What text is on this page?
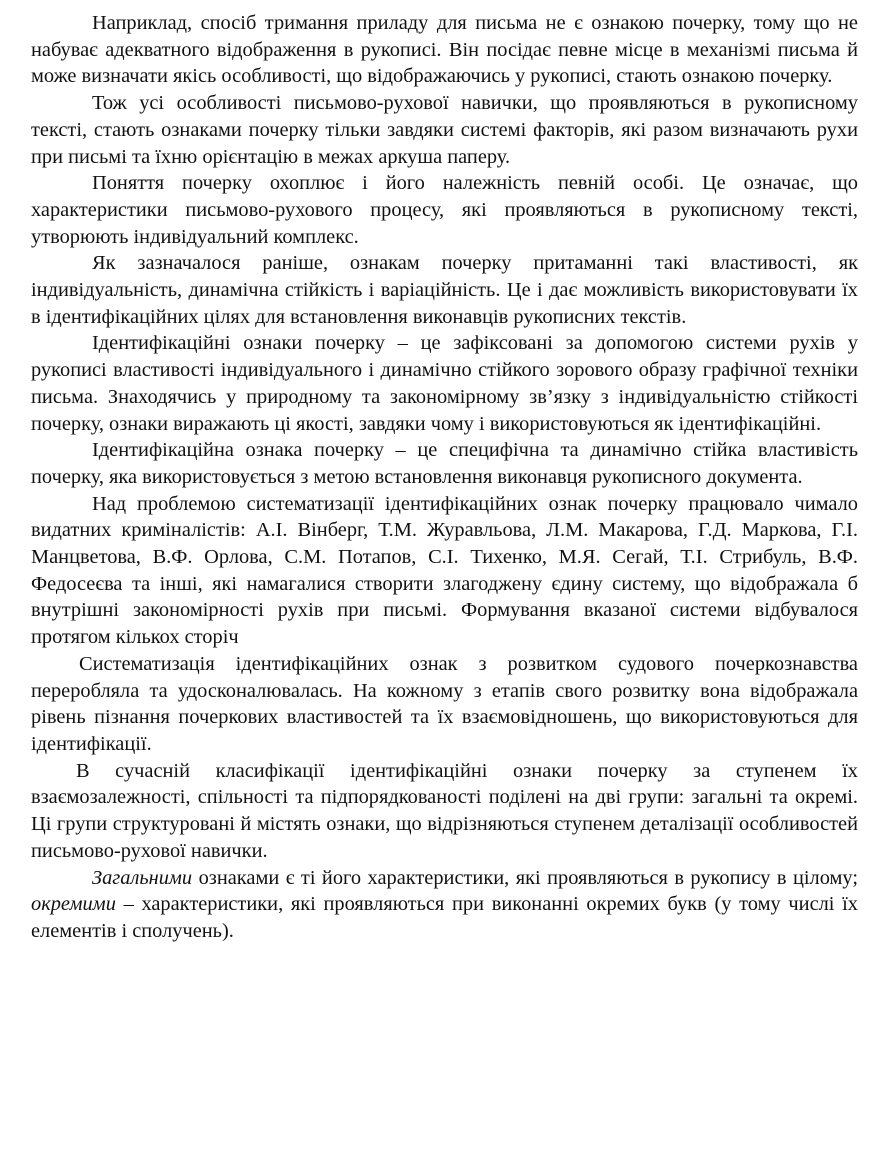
Наприклад, спосіб тримання приладу для письма не є ознакою почерку, тому що не набуває адекватного відображення в рукописі. Він посідає певне місце в механізмі письма й може визначати якісь особливості, що відображаючись у рукописі, стають ознакою почерку.

Тож усі особливості письмово-рухової навички, що проявляються в рукописному тексті, стають ознаками почерку тільки завдяки системі факторів, які разом визначають рухи при письмі та їхню орієнтацію в межах аркуша паперу.

Поняття почерку охоплює і його належність певній особі. Це означає, що характеристики письмово-рухового процесу, які проявляються в рукописному тексті, утворюють індивідуальний комплекс.

Як зазначалося раніше, ознакам почерку притаманні такі властивості, як індивідуальність, динамічна стійкість і варіаційність. Це і дає можливість використовувати їх в ідентифікаційних цілях для встановлення виконавців рукописних текстів.

Ідентифікаційні ознаки почерку – це зафіксовані за допомогою системи рухів у рукописі властивості індивідуального і динамічно стійкого зорового образу графічної техніки письма. Знаходячись у природному та закономірному зв’язку з індивідуальністю стійкості почерку, ознаки виражають ці якості, завдяки чому і використовуються як ідентифікаційні.

Ідентифікаційна ознака почерку – це специфічна та динамічно стійка властивість почерку, яка використовується з метою встановлення виконавця рукописного документа.

Над проблемою систематизації ідентифікаційних ознак почерку працювало чимало видатних криміналістів: А.І. Вінберг, Т.М. Журавльова, Л.М. Макарова, Г.Д. Маркова, Г.І. Манцветова, В.Ф. Орлова, С.М. Потапов, С.І. Тихенко, М.Я. Сегай, Т.І. Стрибуль, В.Ф. Федосеєва та інші, які намагалися створити злагоджену єдину систему, що відображала б внутрішні закономірності рухів при письмі. Формування вказаної системи відбувалося протягом кількох сторіч

Систематизація ідентифікаційних ознак з розвитком судового почеркознавства переробляла та удосконалювалась. На кожному з етапів свого розвитку вона відображала рівень пізнання почеркових властивостей та їх взаємовідношень, що використовуються для ідентифікації.

В сучасній класифікації ідентифікаційні ознаки почерку за ступенем їх взаємозалежності, спільності та підпорядкованості поділені на дві групи: загальні та окремі. Ці групи структуровані й містять ознаки, що відрізняються ступенем деталізації особливостей письмово-рухової навички.

Загальними ознаками є ті його характеристики, які проявляються в рукопису в цілому; окремими – характеристики, які проявляються при виконанні окремих букв (у тому числі їх елементів і сполучень).
